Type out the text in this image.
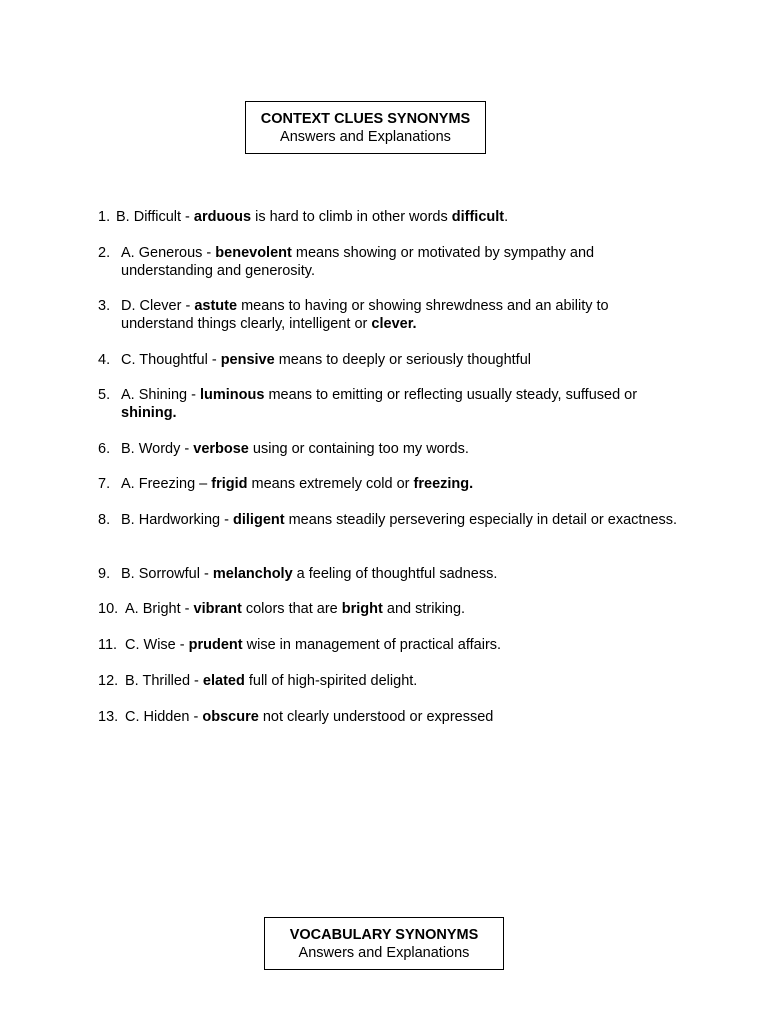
CONTEXT CLUES SYNONYMS
Answers and Explanations
1. B. Difficult - arduous is hard to climb in other words difficult.
2. A. Generous - benevolent means showing or motivated by sympathy and understanding and generosity.
3. D. Clever - astute means to having or showing shrewdness and an ability to understand things clearly, intelligent or clever.
4. C. Thoughtful - pensive means to deeply or seriously thoughtful
5. A. Shining - luminous means to emitting or reflecting usually steady, suffused or shining.
6. B. Wordy - verbose using or containing too my words.
7. A. Freezing – frigid means extremely cold or freezing.
8. B. Hardworking - diligent means steadily persevering especially in detail or exactness.
9. B. Sorrowful - melancholy a feeling of thoughtful sadness.
10. A. Bright - vibrant colors that are bright and striking.
11. C. Wise - prudent wise in management of practical affairs.
12. B. Thrilled - elated full of high-spirited delight.
13. C. Hidden - obscure not clearly understood or expressed
VOCABULARY SYNONYMS
Answers and Explanations
